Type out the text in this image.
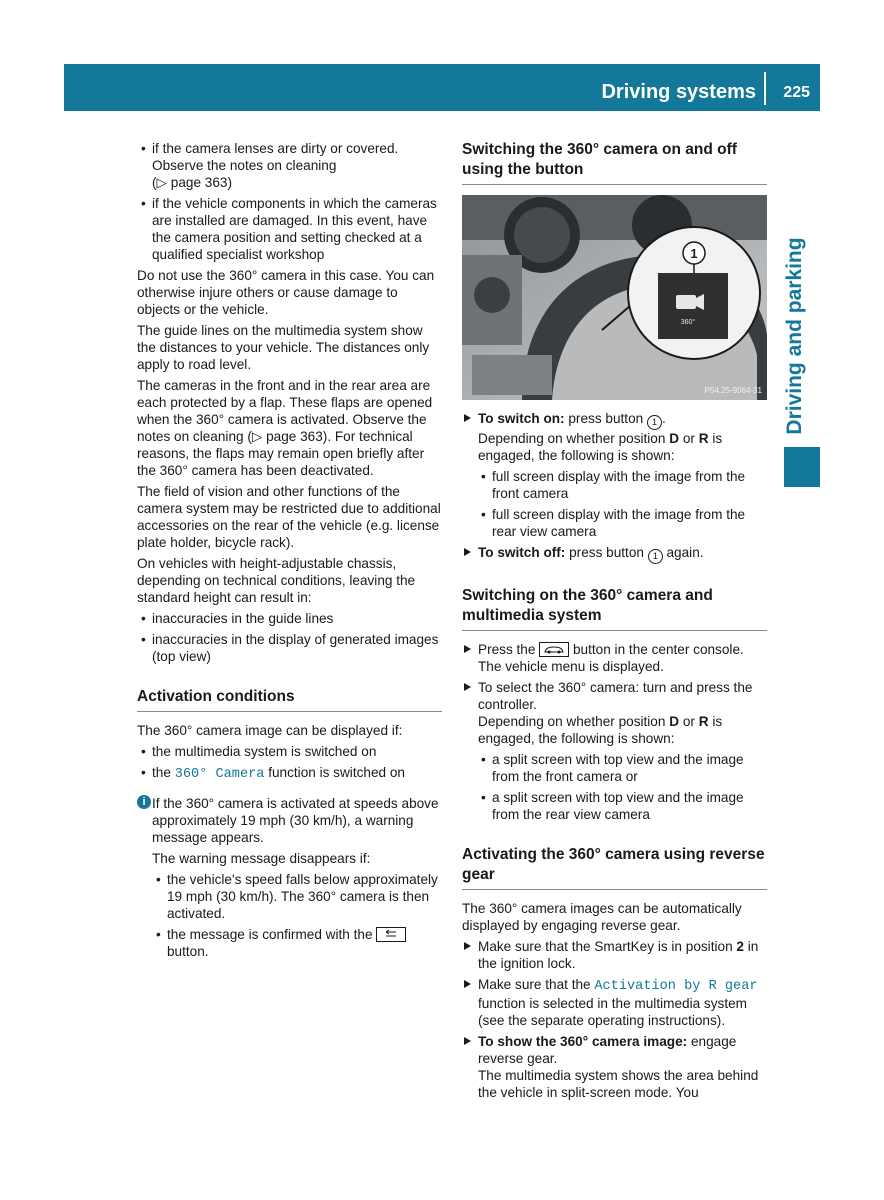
Driving systems 225
Driving and parking
• if the camera lenses are dirty or covered. Observe the notes on cleaning
(▷ page 363)
• if the vehicle components in which the cameras are installed are damaged. In this event, have the camera position and setting checked at a qualified specialist workshop

Do not use the 360° camera in this case. You can otherwise injure others or cause damage to objects or the vehicle.

The guide lines on the multimedia system show the distances to your vehicle. The distances only apply to road level.

The cameras in the front and in the rear area are each protected by a flap. These flaps are opened when the 360° camera is activated. Observe the notes on cleaning (▷ page 363). For technical reasons, the flaps may remain open briefly after the 360° camera has been deactivated.

The field of vision and other functions of the camera system may be restricted due to additional accessories on the rear of the vehicle (e.g. license plate holder, bicycle rack).

On vehicles with height-adjustable chassis, depending on technical conditions, leaving the standard height can result in:

• inaccuracies in the guide lines
• inaccuracies in the display of generated images (top view)
Activation conditions

The 360° camera image can be displayed if:

• the multimedia system is switched on
• the 360° Camera function is switched on
i If the 360° camera is activated at speeds above approximately 19 mph (30 km/h), a warning message appears.

The warning message disappears if:

• the vehicle's speed falls below approximately 19 mph (30 km/h). The 360° camera is then activated.
• the message is confirmed with the
button.
Switching the 360° camera on and off using the button
1
360°
P54.25-9064-31
To switch on: press button 1 .
Depending on whether position D or R is
engaged, the following is shown:
• full screen display with the image from the front camera
• full screen display with the image from the rear view camera
To switch off: press button 1 again.
Switching on the 360° camera and multimedia system
Press the	button in the center console.
The vehicle menu is displayed.
To select the 360° camera: turn and press the controller.
Depending on whether position D or R is
engaged, the following is shown:
• a split screen with top view and the image from the front camera or
• a split screen with top view and the image from the rear view camera
Activating the 360° camera using reverse gear

The 360° camera images can be automatically displayed by engaging reverse gear.

Make sure that the SmartKey is in position 2 in the ignition lock.
Make sure that the Activation by R gear function is selected in the multimedia system (see the separate operating instructions).
To show the 360° camera image: engage reverse gear.
The multimedia system shows the area behind the vehicle in split-screen mode. You
